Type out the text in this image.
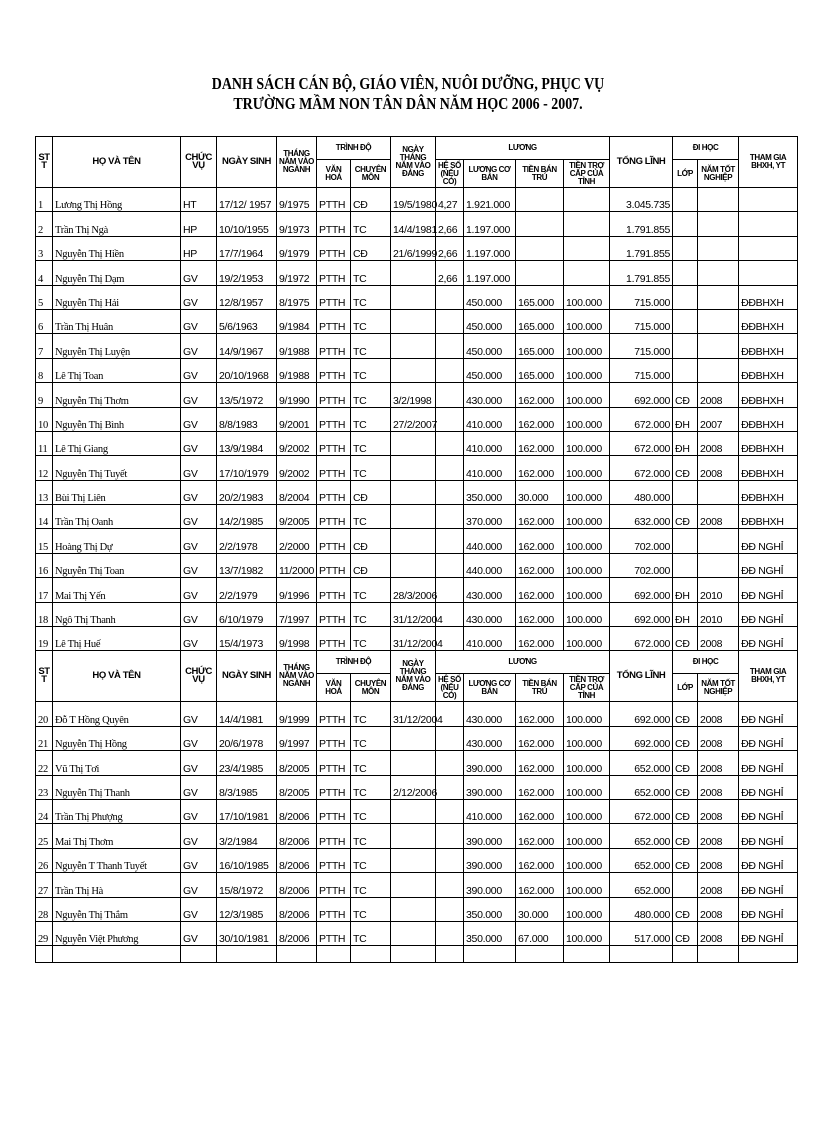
DANH SÁCH CÁN BỘ, GIÁO VIÊN, NUÔI DƯỠNG, PHỤC VỤ
TRƯỜNG MẦM NON TÂN DÂN NĂM HỌC 2006 - 2007.
ST T	HỌ VÀ TÊN	CHỨC VỤ	NGÀY SINH	THÁNG NĂM VÀO NGÀNH	TRÌNH ĐỘ		NGÀY THÁNG NĂM VÀO ĐẢNG	LƯƠNG				TỔNG LĨNH	ĐI HỌC		THAM GIA BHXH, YT
					VĂN HOÁ	CHUYÊN MÔN		HỆ SỐ (NẾU CÓ)	LƯƠNG CƠ BẢN	TIỀN BÁN TRÚ	TIỀN TRỢ CẤP CỦA TỈNH		LỚP	NĂM TỐT NGHIỆP	
1	Lương Thị Hồng	HT	17/12/ 1957	9/1975	PTTH	CĐ	19/5/1980	4,27	1.921.000			3.045.735			
2	Trần Thị Ngà	HP	10/10/1955	9/1973	PTTH	TC	14/4/1981	2,66	1.197.000			1.791.855			
3	Nguyễn Thị Hiền	HP	17/7/1964	9/1979	PTTH	CĐ	21/6/1999	2,66	1.197.000			1.791.855			
4	Nguyễn Thị Dạm	GV	19/2/1953	9/1972	PTTH	TC		2,66	1.197.000			1.791.855			
5	Nguyễn Thị Hải	GV	12/8/1957	8/1975	PTTH	TC			450.000	165.000	100.000	715.000			ĐĐBHXH
6	Trần Thị Huân	GV	5/6/1963	9/1984	PTTH	TC			450.000	165.000	100.000	715.000			ĐĐBHXH
7	Nguyễn Thị Luyện	GV	14/9/1967	9/1988	PTTH	TC			450.000	165.000	100.000	715.000			ĐĐBHXH
8	Lê Thị Toan	GV	20/10/1968	9/1988	PTTH	TC			450.000	165.000	100.000	715.000			ĐĐBHXH
9	Nguyễn Thị Thơm	GV	13/5/1972	9/1990	PTTH	TC	3/2/1998		430.000	162.000	100.000	692.000	CĐ	2008	ĐĐBHXH
10	Nguyễn Thị Bình	GV	8/8/1983	9/2001	PTTH	TC	27/2/2007		410.000	162.000	100.000	672.000	ĐH	2007	ĐĐBHXH
11	Lê Thị Giang	GV	13/9/1984	9/2002	PTTH	TC			410.000	162.000	100.000	672.000	ĐH	2008	ĐĐBHXH
12	Nguyễn Thị Tuyết	GV	17/10/1979	9/2002	PTTH	TC			410.000	162.000	100.000	672.000	CĐ	2008	ĐĐBHXH
13	Bùi Thị Liên	GV	20/2/1983	8/2004	PTTH	CĐ			350.000	30.000	100.000	480.000			ĐĐBHXH
14	Trần Thị Oanh	GV	14/2/1985	9/2005	PTTH	TC			370.000	162.000	100.000	632.000	CĐ	2008	ĐĐBHXH
15	Hoàng Thị Dự	GV	2/2/1978	2/2000	PTTH	CĐ			440.000	162.000	100.000	702.000			ĐĐ NGHỈ
16	Nguyễn Thị Toan	GV	13/7/1982	11/2000	PTTH	CĐ			440.000	162.000	100.000	702.000			ĐĐ NGHỈ
17	Mai Thị Yến	GV	2/2/1979	9/1996	PTTH	TC	28/3/2006		430.000	162.000	100.000	692.000	ĐH	2010	ĐĐ NGHỈ
18	Ngô Thị Thanh	GV	6/10/1979	7/1997	PTTH	TC	31/12/2004		430.000	162.000	100.000	692.000	ĐH	2010	ĐĐ NGHỈ
19	Lê Thị Huế	GV	15/4/1973	9/1998	PTTH	TC	31/12/2004		410.000	162.000	100.000	672.000	CĐ	2008	ĐĐ NGHỈ
ST T	HỌ VÀ TÊN	CHỨC VỤ	NGÀY SINH	THÁNG NĂM VÀO NGÀNH	TRÌNH ĐỘ		NGÀY THÁNG NĂM VÀO ĐẢNG	LƯƠNG				TỔNG LĨNH	ĐI HỌC		THAM GIA BHXH, YT
					VĂN HOÁ	CHUYÊN MÔN		HỆ SỐ (NẾU CÓ)	LƯƠNG CƠ BẢN	TIỀN BÁN TRÚ	TIỀN TRỢ CẤP CỦA TỈNH		LỚP	NĂM TỐT NGHIỆP	
20	Đỗ T Hồng Quyên	GV	14/4/1981	9/1999	PTTH	TC	31/12/2004		430.000	162.000	100.000	692.000	CĐ	2008	ĐĐ NGHỈ
21	Nguyễn Thị Hồng	GV	20/6/1978	9/1997	PTTH	TC			430.000	162.000	100.000	692.000	CĐ	2008	ĐĐ NGHỈ
22	Vũ Thị Tơi	GV	23/4/1985	8/2005	PTTH	TC			390.000	162.000	100.000	652.000	CĐ	2008	ĐĐ NGHỈ
23	Nguyễn Thị Thanh	GV	8/3/1985	8/2005	PTTH	TC	2/12/2006		390.000	162.000	100.000	652.000	CĐ	2008	ĐĐ NGHỈ
24	Trần Thị Phượng	GV	17/10/1981	8/2006	PTTH	TC			410.000	162.000	100.000	672.000	CĐ	2008	ĐĐ NGHỈ
25	Mai Thị Thơm	GV	3/2/1984	8/2006	PTTH	TC			390.000	162.000	100.000	652.000	CĐ	2008	ĐĐ NGHỈ
26	Nguyễn T Thanh Tuyết	GV	16/10/1985	8/2006	PTTH	TC			390.000	162.000	100.000	652.000	CĐ	2008	ĐĐ NGHỈ
27	Trần Thị Hà	GV	15/8/1972	8/2006	PTTH	TC			390.000	162.000	100.000	652.000		2008	ĐĐ NGHỈ
28	Nguyễn Thị Thắm	GV	12/3/1985	8/2006	PTTH	TC			350.000	30.000	100.000	480.000	CĐ	2008	ĐĐ NGHỈ
29	Nguyễn Việt Phương	GV	30/10/1981	8/2006	PTTH	TC			350.000	67.000	100.000	517.000	CĐ	2008	ĐĐ NGHỈ
